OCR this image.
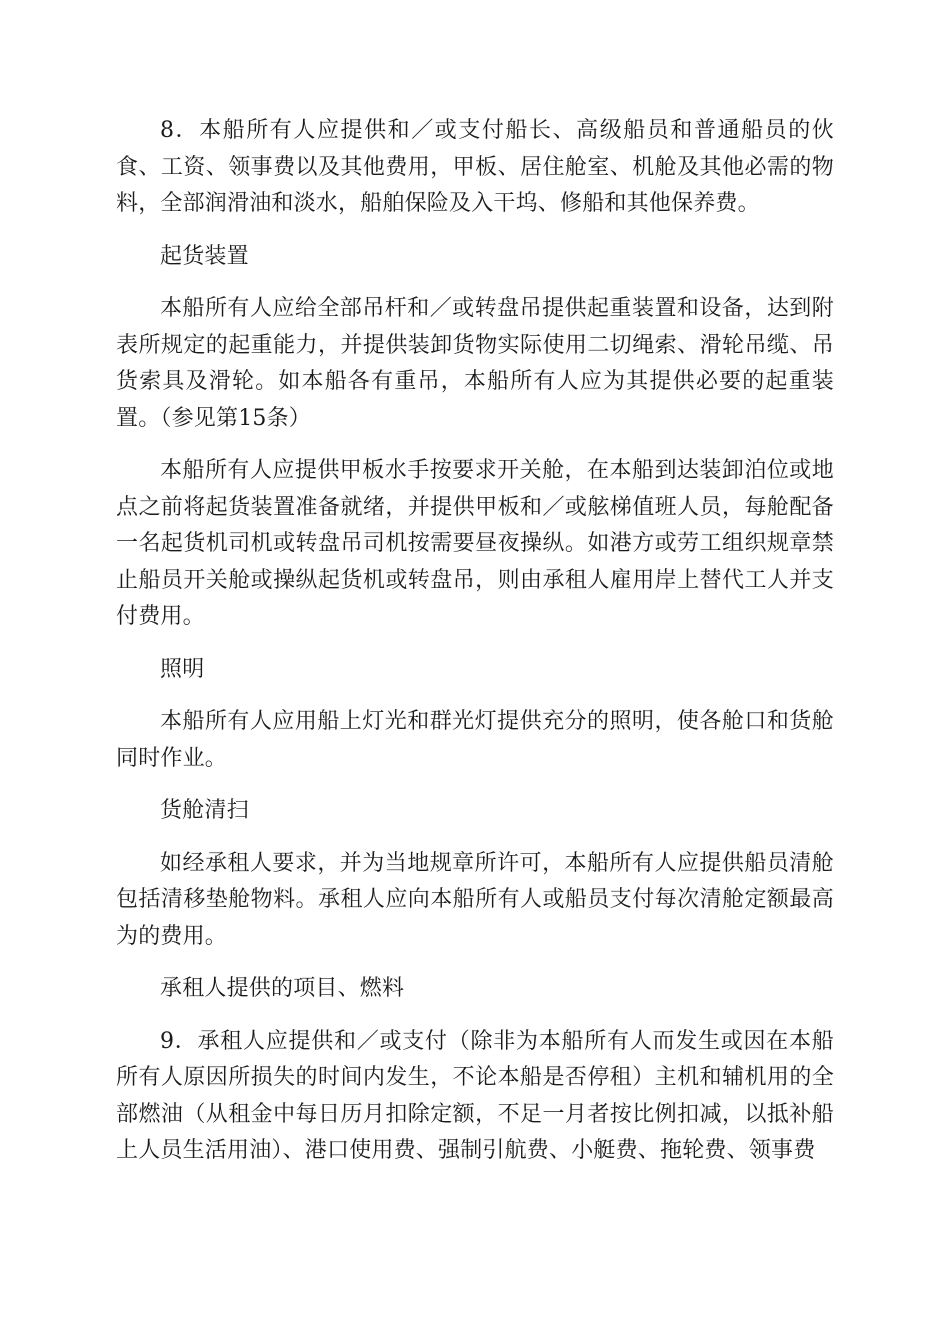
8．本船所有人应提供和／或支付船长、高级船员和普通船员的伙食、工资、领事费以及其他费用，甲板、居住舱室、机舱及其他必需的物料，全部润滑油和淡水，船舶保险及入干坞、修船和其他保养费。

起货装置

本船所有人应给全部吊杆和／或转盘吊提供起重装置和设备，达到附表所规定的起重能力，并提供装卸货物实际使用二切绳索、滑轮吊缆、吊货索具及滑轮。如本船各有重吊，本船所有人应为其提供必要的起重装置。（参见第15条）

本船所有人应提供甲板水手按要求开关舱，在本船到达装卸泊位或地点之前将起货装置准备就绪，并提供甲板和／或舷梯值班人员，每舱配备一名起货机司机或转盘吊司机按需要昼夜操纵。如港方或劳工组织规章禁止船员开关舱或操纵起货机或转盘吊，则由承租人雇用岸上替代工人并支付费用。

照明

本船所有人应用船上灯光和群光灯提供充分的照明，使各舱口和货舱同时作业。

货舱清扫

如经承租人要求，并为当地规章所许可，本船所有人应提供船员清舱包括清移垫舱物料。承租人应向本船所有人或船员支付每次清舱定额最高为的费用。

承租人提供的项目、燃料

9．承租人应提供和／或支付（除非为本船所有人而发生或因在本船所有人原因所损失的时间内发生，不论本船是否停租）主机和辅机用的全部燃油（从租金中每日历月扣除定额，不足一月者按比例扣减，以抵补船上人员生活用油）、港口使用费、强制引航费、小艇费、拖轮费、领事费
